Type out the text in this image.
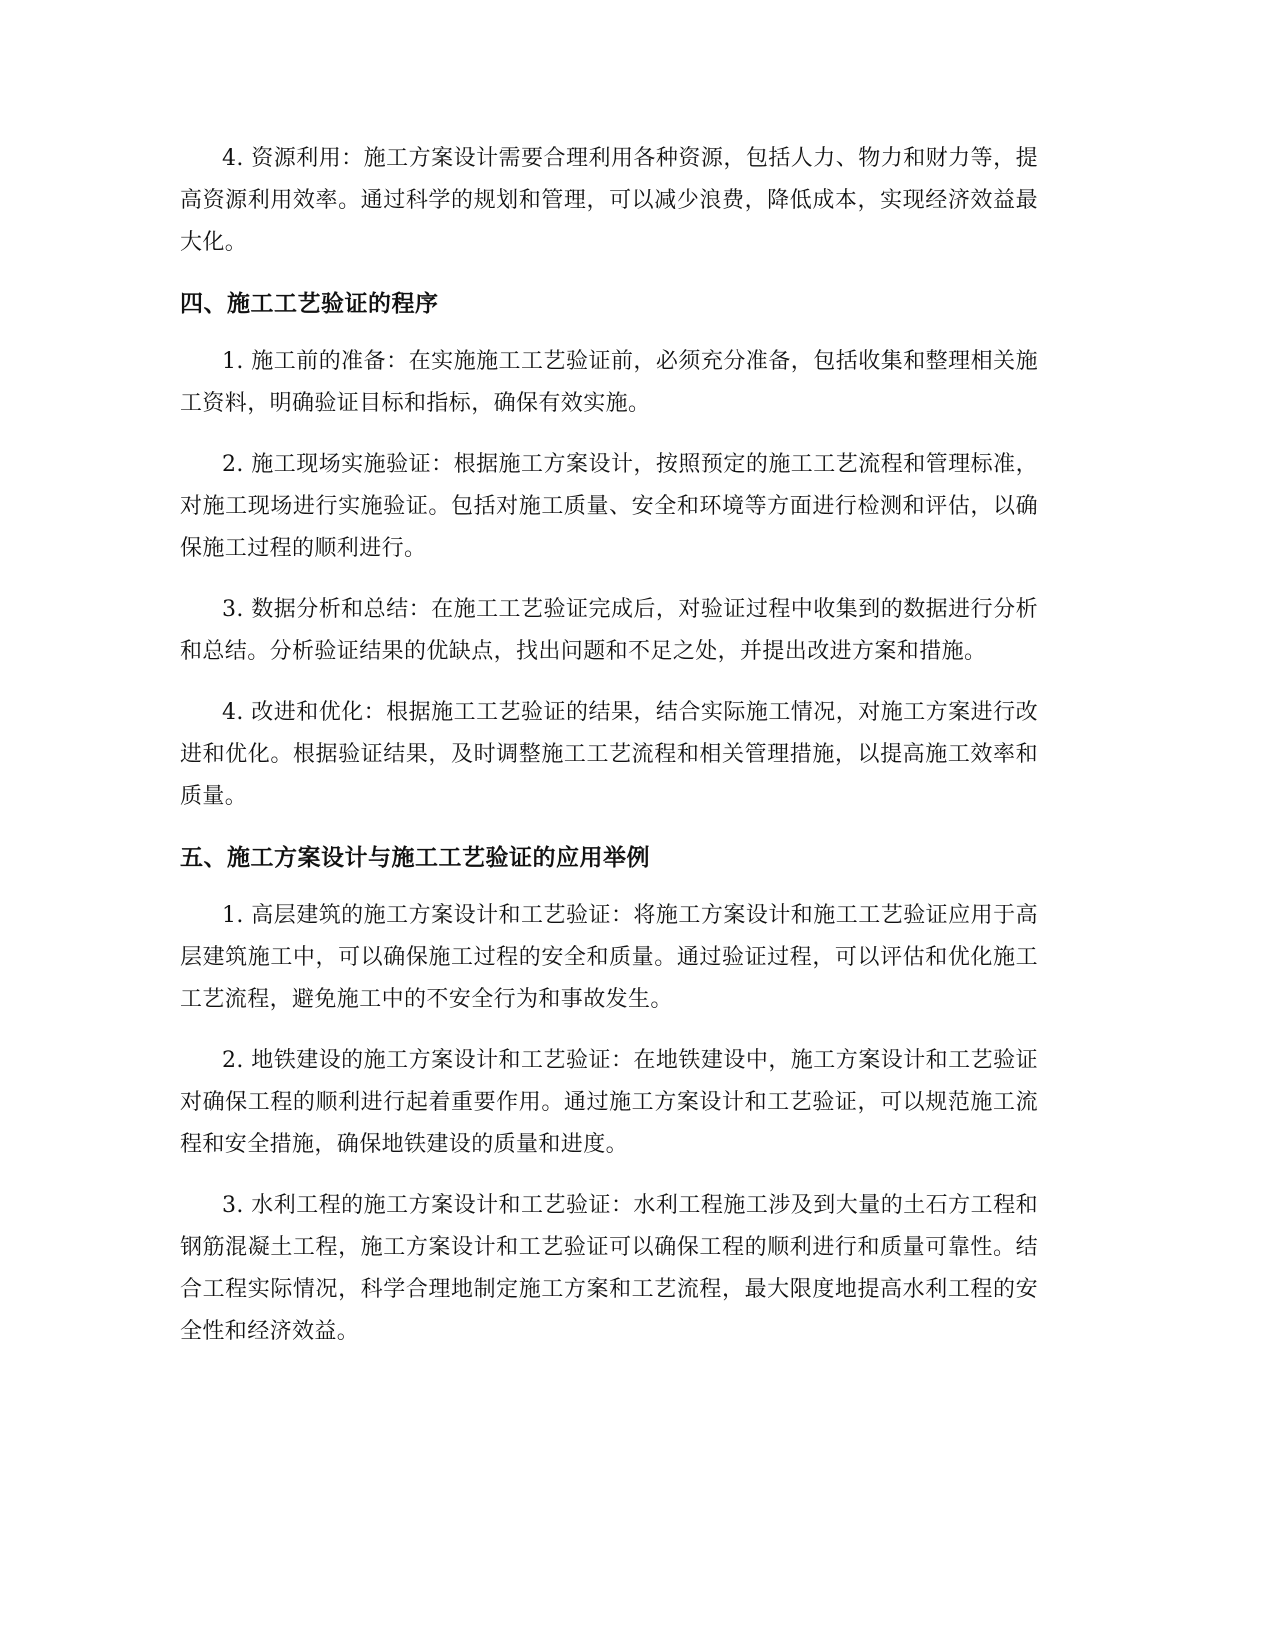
4. 资源利用：施工方案设计需要合理利用各种资源，包括人力、物力和财力等，提高资源利用效率。通过科学的规划和管理，可以减少浪费，降低成本，实现经济效益最大化。

四、施工工艺验证的程序

1. 施工前的准备：在实施施工工艺验证前，必须充分准备，包括收集和整理相关施工资料，明确验证目标和指标，确保有效实施。

2. 施工现场实施验证：根据施工方案设计，按照预定的施工工艺流程和管理标准，对施工现场进行实施验证。包括对施工质量、安全和环境等方面进行检测和评估，以确保施工过程的顺利进行。

3. 数据分析和总结：在施工工艺验证完成后，对验证过程中收集到的数据进行分析和总结。分析验证结果的优缺点，找出问题和不足之处，并提出改进方案和措施。

4. 改进和优化：根据施工工艺验证的结果，结合实际施工情况，对施工方案进行改进和优化。根据验证结果，及时调整施工工艺流程和相关管理措施，以提高施工效率和质量。

五、施工方案设计与施工工艺验证的应用举例

1. 高层建筑的施工方案设计和工艺验证：将施工方案设计和施工工艺验证应用于高层建筑施工中，可以确保施工过程的安全和质量。通过验证过程，可以评估和优化施工工艺流程，避免施工中的不安全行为和事故发生。

2. 地铁建设的施工方案设计和工艺验证：在地铁建设中，施工方案设计和工艺验证对确保工程的顺利进行起着重要作用。通过施工方案设计和工艺验证，可以规范施工流程和安全措施，确保地铁建设的质量和进度。

3. 水利工程的施工方案设计和工艺验证：水利工程施工涉及到大量的土石方工程和钢筋混凝土工程，施工方案设计和工艺验证可以确保工程的顺利进行和质量可靠性。结合工程实际情况，科学合理地制定施工方案和工艺流程，最大限度地提高水利工程的安全性和经济效益。
